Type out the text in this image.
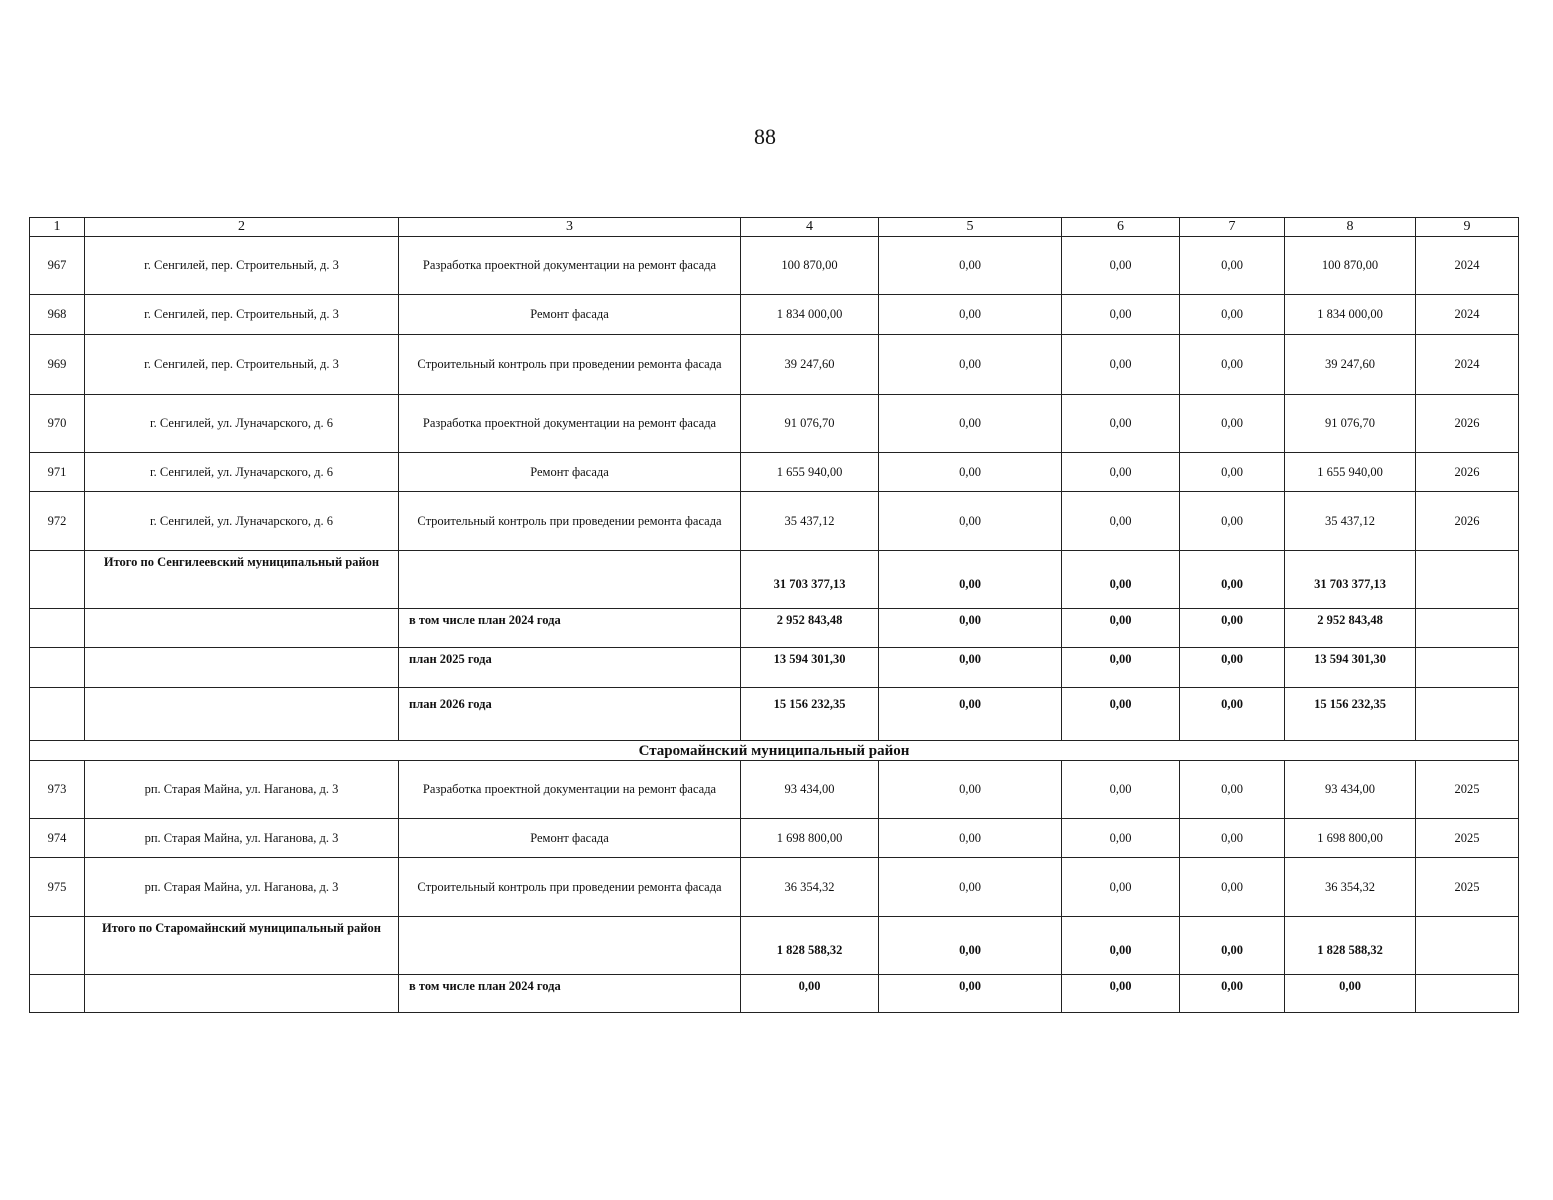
88
1	2	3	4	5	6	7	8	9
967	г. Сенгилей, пер. Строительный, д. 3	Разработка проектной документации на ремонт фасада	100 870,00	0,00	0,00	0,00	100 870,00	2024
968	г. Сенгилей, пер. Строительный, д. 3	Ремонт фасада	1 834 000,00	0,00	0,00	0,00	1 834 000,00	2024
969	г. Сенгилей, пер. Строительный, д. 3	Строительный контроль при проведении ремонта фасада	39 247,60	0,00	0,00	0,00	39 247,60	2024
970	г. Сенгилей, ул. Луначарского, д. 6	Разработка проектной документации на ремонт фасада	91 076,70	0,00	0,00	0,00	91 076,70	2026
971	г. Сенгилей, ул. Луначарского, д. 6	Ремонт фасада	1 655 940,00	0,00	0,00	0,00	1 655 940,00	2026
972	г. Сенгилей, ул. Луначарского, д. 6	Строительный контроль при проведении ремонта фасада	35 437,12	0,00	0,00	0,00	35 437,12	2026
	Итого по Сенгилеевский муниципальный район		31 703 377,13	0,00	0,00	0,00	31 703 377,13	
		в том числе план 2024 года	2 952 843,48	0,00	0,00	0,00	2 952 843,48	
		план 2025 года	13 594 301,30	0,00	0,00	0,00	13 594 301,30	
		план 2026 года	15 156 232,35	0,00	0,00	0,00	15 156 232,35	
Старомайнский муниципальный район								
973	рп. Старая Майна, ул. Наганова, д. 3	Разработка проектной документации на ремонт фасада	93 434,00	0,00	0,00	0,00	93 434,00	2025
974	рп. Старая Майна, ул. Наганова, д. 3	Ремонт фасада	1 698 800,00	0,00	0,00	0,00	1 698 800,00	2025
975	рп. Старая Майна, ул. Наганова, д. 3	Строительный контроль при проведении ремонта фасада	36 354,32	0,00	0,00	0,00	36 354,32	2025
	Итого по Старомайнский муниципальный район		1 828 588,32	0,00	0,00	0,00	1 828 588,32	
		в том числе план 2024 года	0,00	0,00	0,00	0,00	0,00	
